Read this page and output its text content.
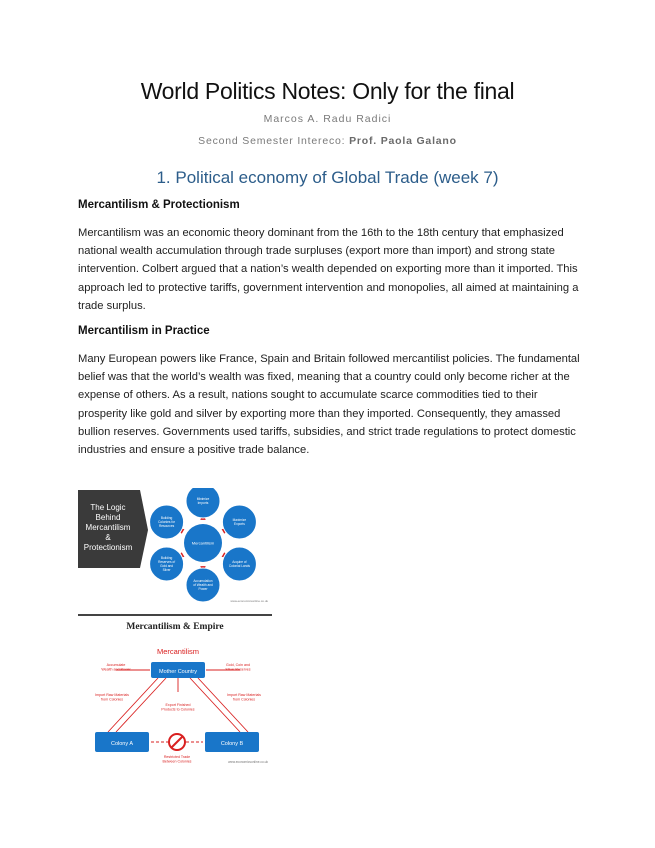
World Politics Notes: Only for the final
Marcos A. Radu Radici
Second Semester Intereco: Prof. Paola Galano
1. Political economy of Global Trade (week 7)
Mercantilism & Protectionism
Mercantilism was an economic theory dominant from the 16th to the 18th century that emphasized national wealth accumulation through trade surpluses (export more than import) and strong state intervention. Colbert argued that a nation’s wealth depended on exporting more than it imported. This approach led to protective tariffs, government intervention and monopolies, all aimed at maintaining a trade surplus.
Mercantilism in Practice
Many European powers like France, Spain and Britain followed mercantilist policies. The fundamental belief was that the world’s wealth was fixed, meaning that a country could only become richer at the expense of others. As a result, nations sought to accumulate scarce commodities tied to their prosperity like gold and silver by exporting more than they imported. Consequently, they amassed bullion reserves. Governments used tariffs, subsidies, and strict trade regulations to protect domestic industries and ensure a positive trade balance.
The Logic
Behind
Mercantilism
&
Protectionism	Mercantilism
Minimize Imports
Maximize Exports
Acquire of Colonial Lands
Accumulation of Wealth and Power
Building Reserves of Gold and Silver
Building Colonies for Resources
www.economicsonline.co.uk
Mercantilism & Empire
Mercantilism
Mother Country
Colony A	Colony B
Accumulate Wealth and Power
Gold, Coin and Silver Reserves
Import Raw Materials from Colonies
Import Raw Materials from Colonies
Export Finished Products to Colonies
Restricted Trade Between Colonies	www.economicsonline.co.uk
